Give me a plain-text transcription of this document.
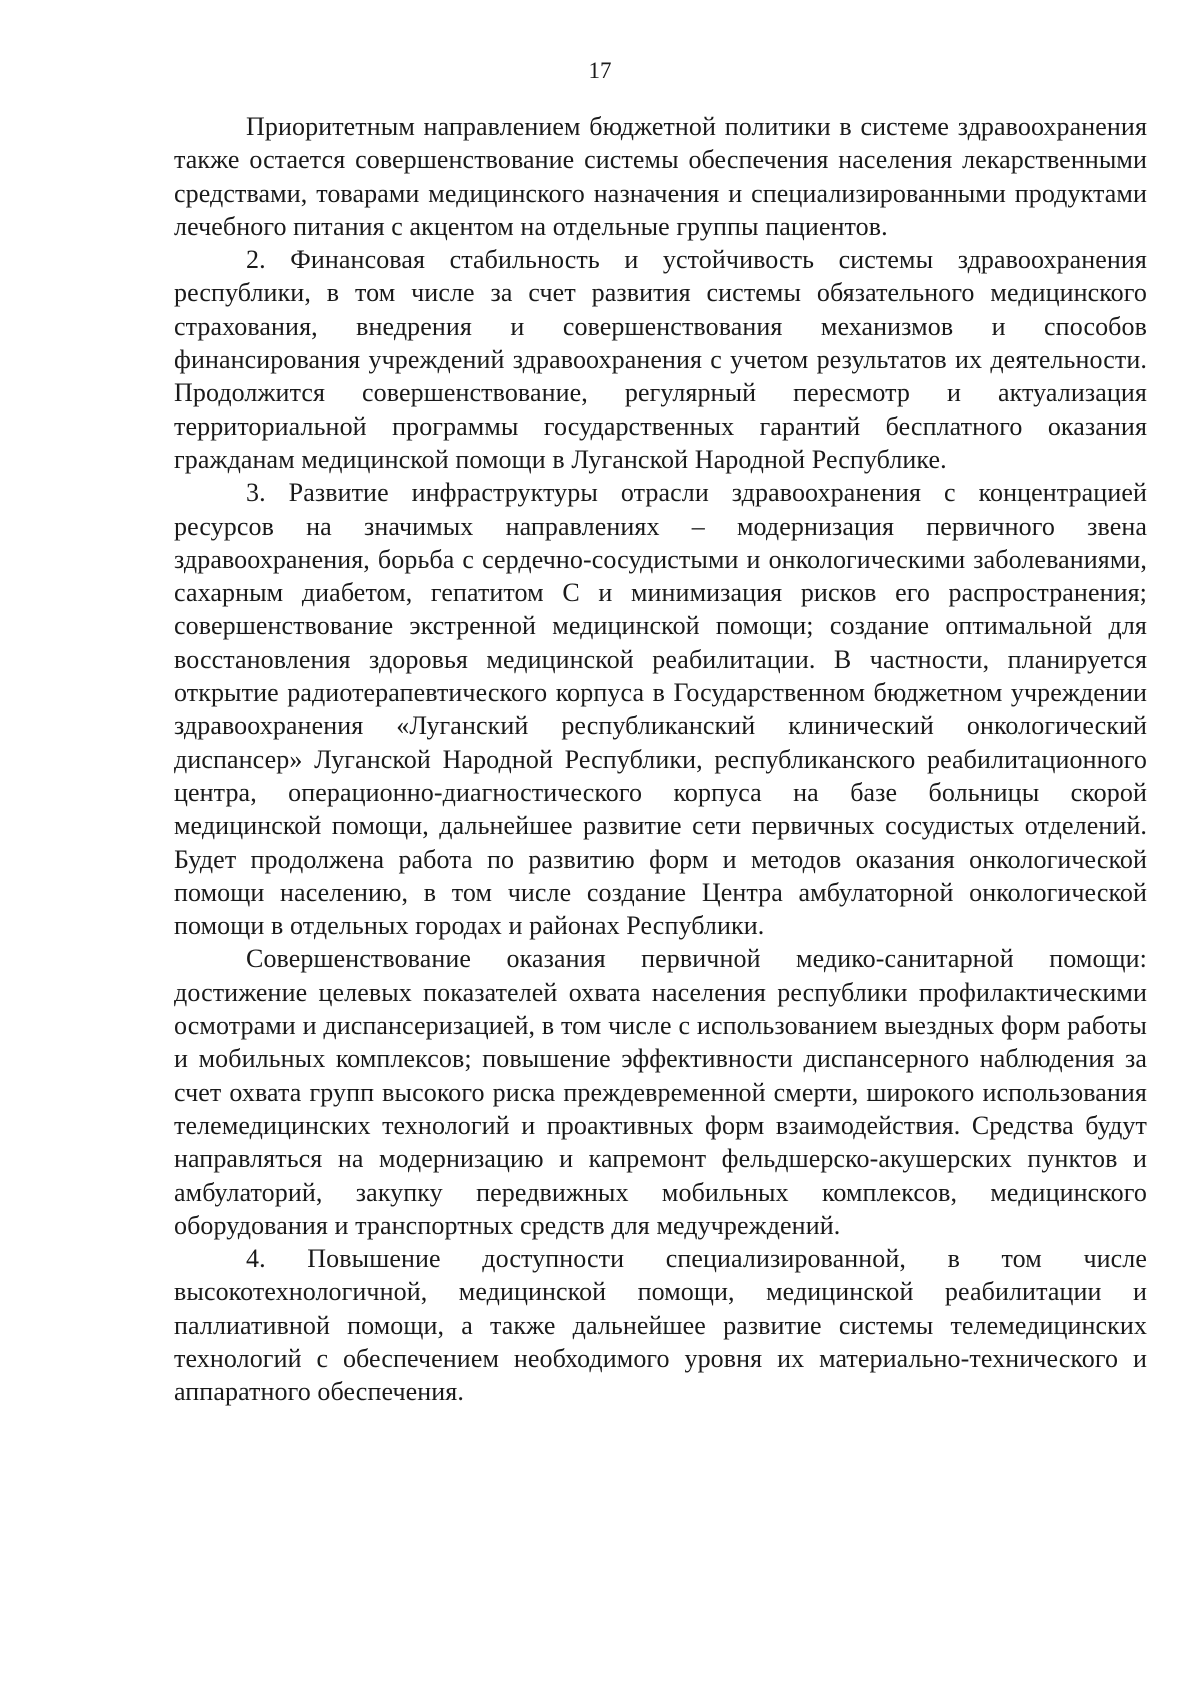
17

Приоритетным направлением бюджетной политики в системе здравоохранения также остается совершенствование системы обеспечения населения лекарственными средствами, товарами медицинского назначения и специализированными продуктами лечебного питания с акцентом на отдельные группы пациентов.

2. Финансовая стабильность и устойчивость системы здравоохранения республики, в том числе за счет развития системы обязательного медицинского страхования, внедрения и совершенствования механизмов и способов финансирования учреждений здравоохранения с учетом результатов их деятельности. Продолжится совершенствование, регулярный пересмотр и актуализация территориальной программы государственных гарантий бесплатного оказания гражданам медицинской помощи в Луганской Народной Республике.

3. Развитие инфраструктуры отрасли здравоохранения с концентрацией ресурсов на значимых направлениях – модернизация первичного звена здравоохранения, борьба с сердечно-сосудистыми и онкологическими заболеваниями, сахарным диабетом, гепатитом С и минимизация рисков его распространения; совершенствование экстренной медицинской помощи; создание оптимальной для восстановления здоровья медицинской реабилитации. В частности, планируется открытие радиотерапевтического корпуса в Государственном бюджетном учреждении здравоохранения «Луганский республиканский клинический онкологический диспансер» Луганской Народной Республики, республиканского реабилитационного центра, операционно-диагностического корпуса на базе больницы скорой медицинской помощи, дальнейшее развитие сети первичных сосудистых отделений. Будет продолжена работа по развитию форм и методов оказания онкологической помощи населению, в том числе создание Центра амбулаторной онкологической помощи в отдельных городах и районах Республики.

Совершенствование оказания первичной медико-санитарной помощи: достижение целевых показателей охвата населения республики профилактическими осмотрами и диспансеризацией, в том числе с использованием выездных форм работы и мобильных комплексов; повышение эффективности диспансерного наблюдения за счет охвата групп высокого риска преждевременной смерти, широкого использования телемедицинских технологий и проактивных форм взаимодействия. Средства будут направляться на модернизацию и капремонт фельдшерско-акушерских пунктов и амбулаторий, закупку передвижных мобильных комплексов, медицинского оборудования и транспортных средств для медучреждений.

4. Повышение доступности специализированной, в том числе высокотехнологичной, медицинской помощи, медицинской реабилитации и паллиативной помощи, а также дальнейшее развитие системы телемедицинских технологий с обеспечением необходимого уровня их материально-технического и аппаратного обеспечения.
